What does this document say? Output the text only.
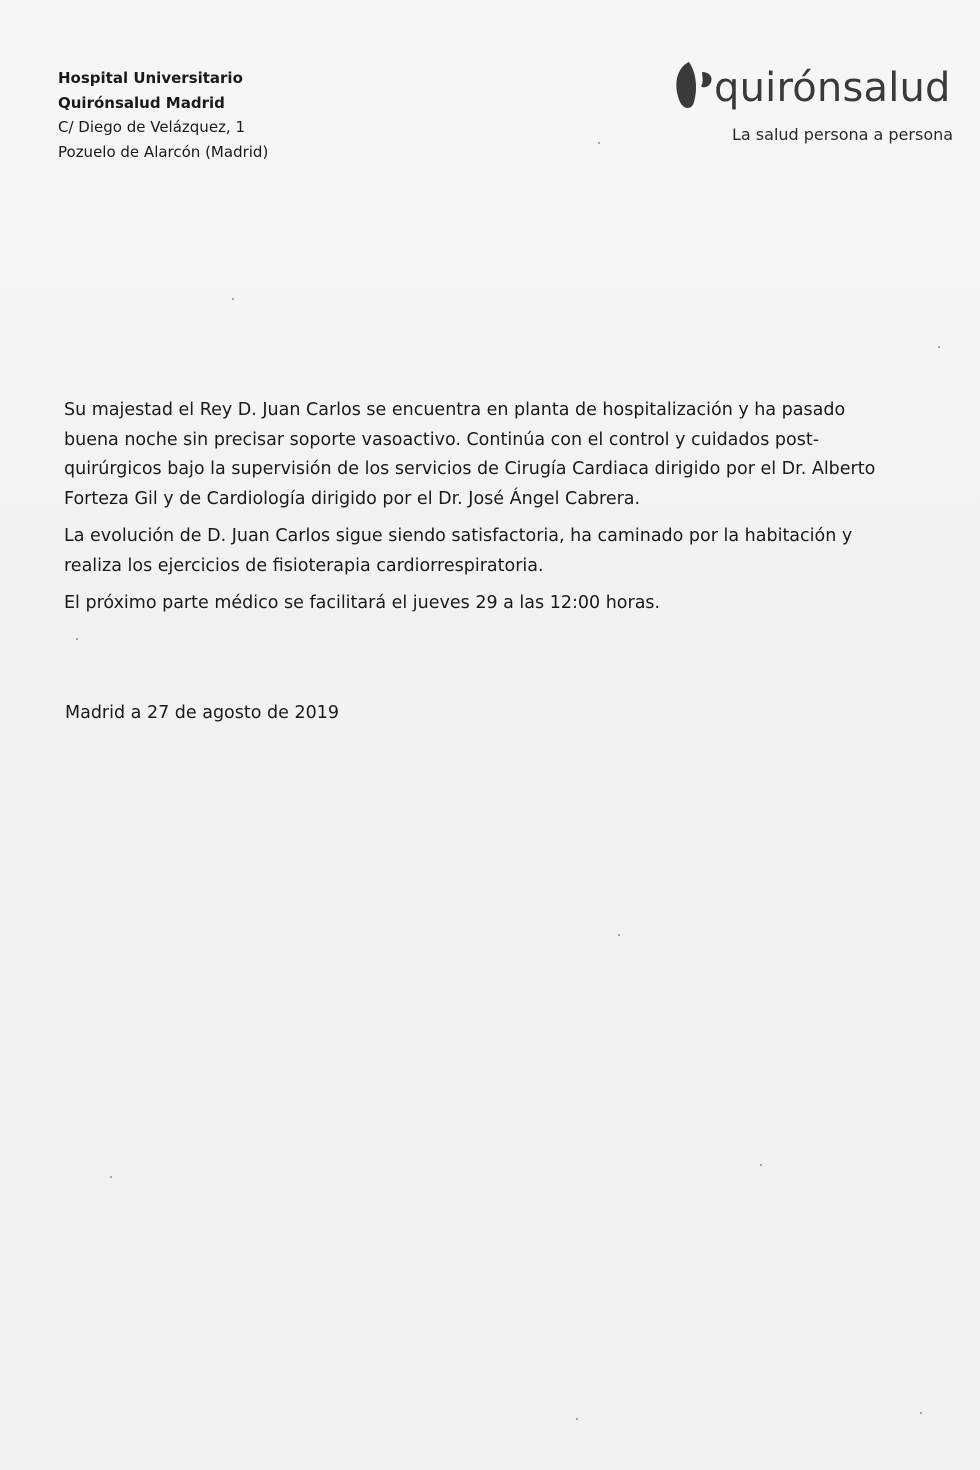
Hospital Universitario
Quirónsalud Madrid
C/ Diego de Velázquez, 1
Pozuelo de Alarcón (Madrid)
quirónsalud
La salud persona a persona

Su majestad el Rey D. Juan Carlos se encuentra en planta de hospitalización y ha pasado buena noche sin precisar soporte vasoactivo. Continúa con el control y cuidados post-quirúrgicos bajo la supervisión de los servicios de Cirugía Cardiaca dirigido por el Dr. Alberto Forteza Gil y de Cardiología dirigido por el Dr. José Ángel Cabrera.

La evolución de D. Juan Carlos sigue siendo satisfactoria, ha caminado por la habitación y realiza los ejercicios de fisioterapia cardiorrespiratoria.

El próximo parte médico se facilitará el jueves 29 a las 12:00 horas.

Madrid a 27 de agosto de 2019
